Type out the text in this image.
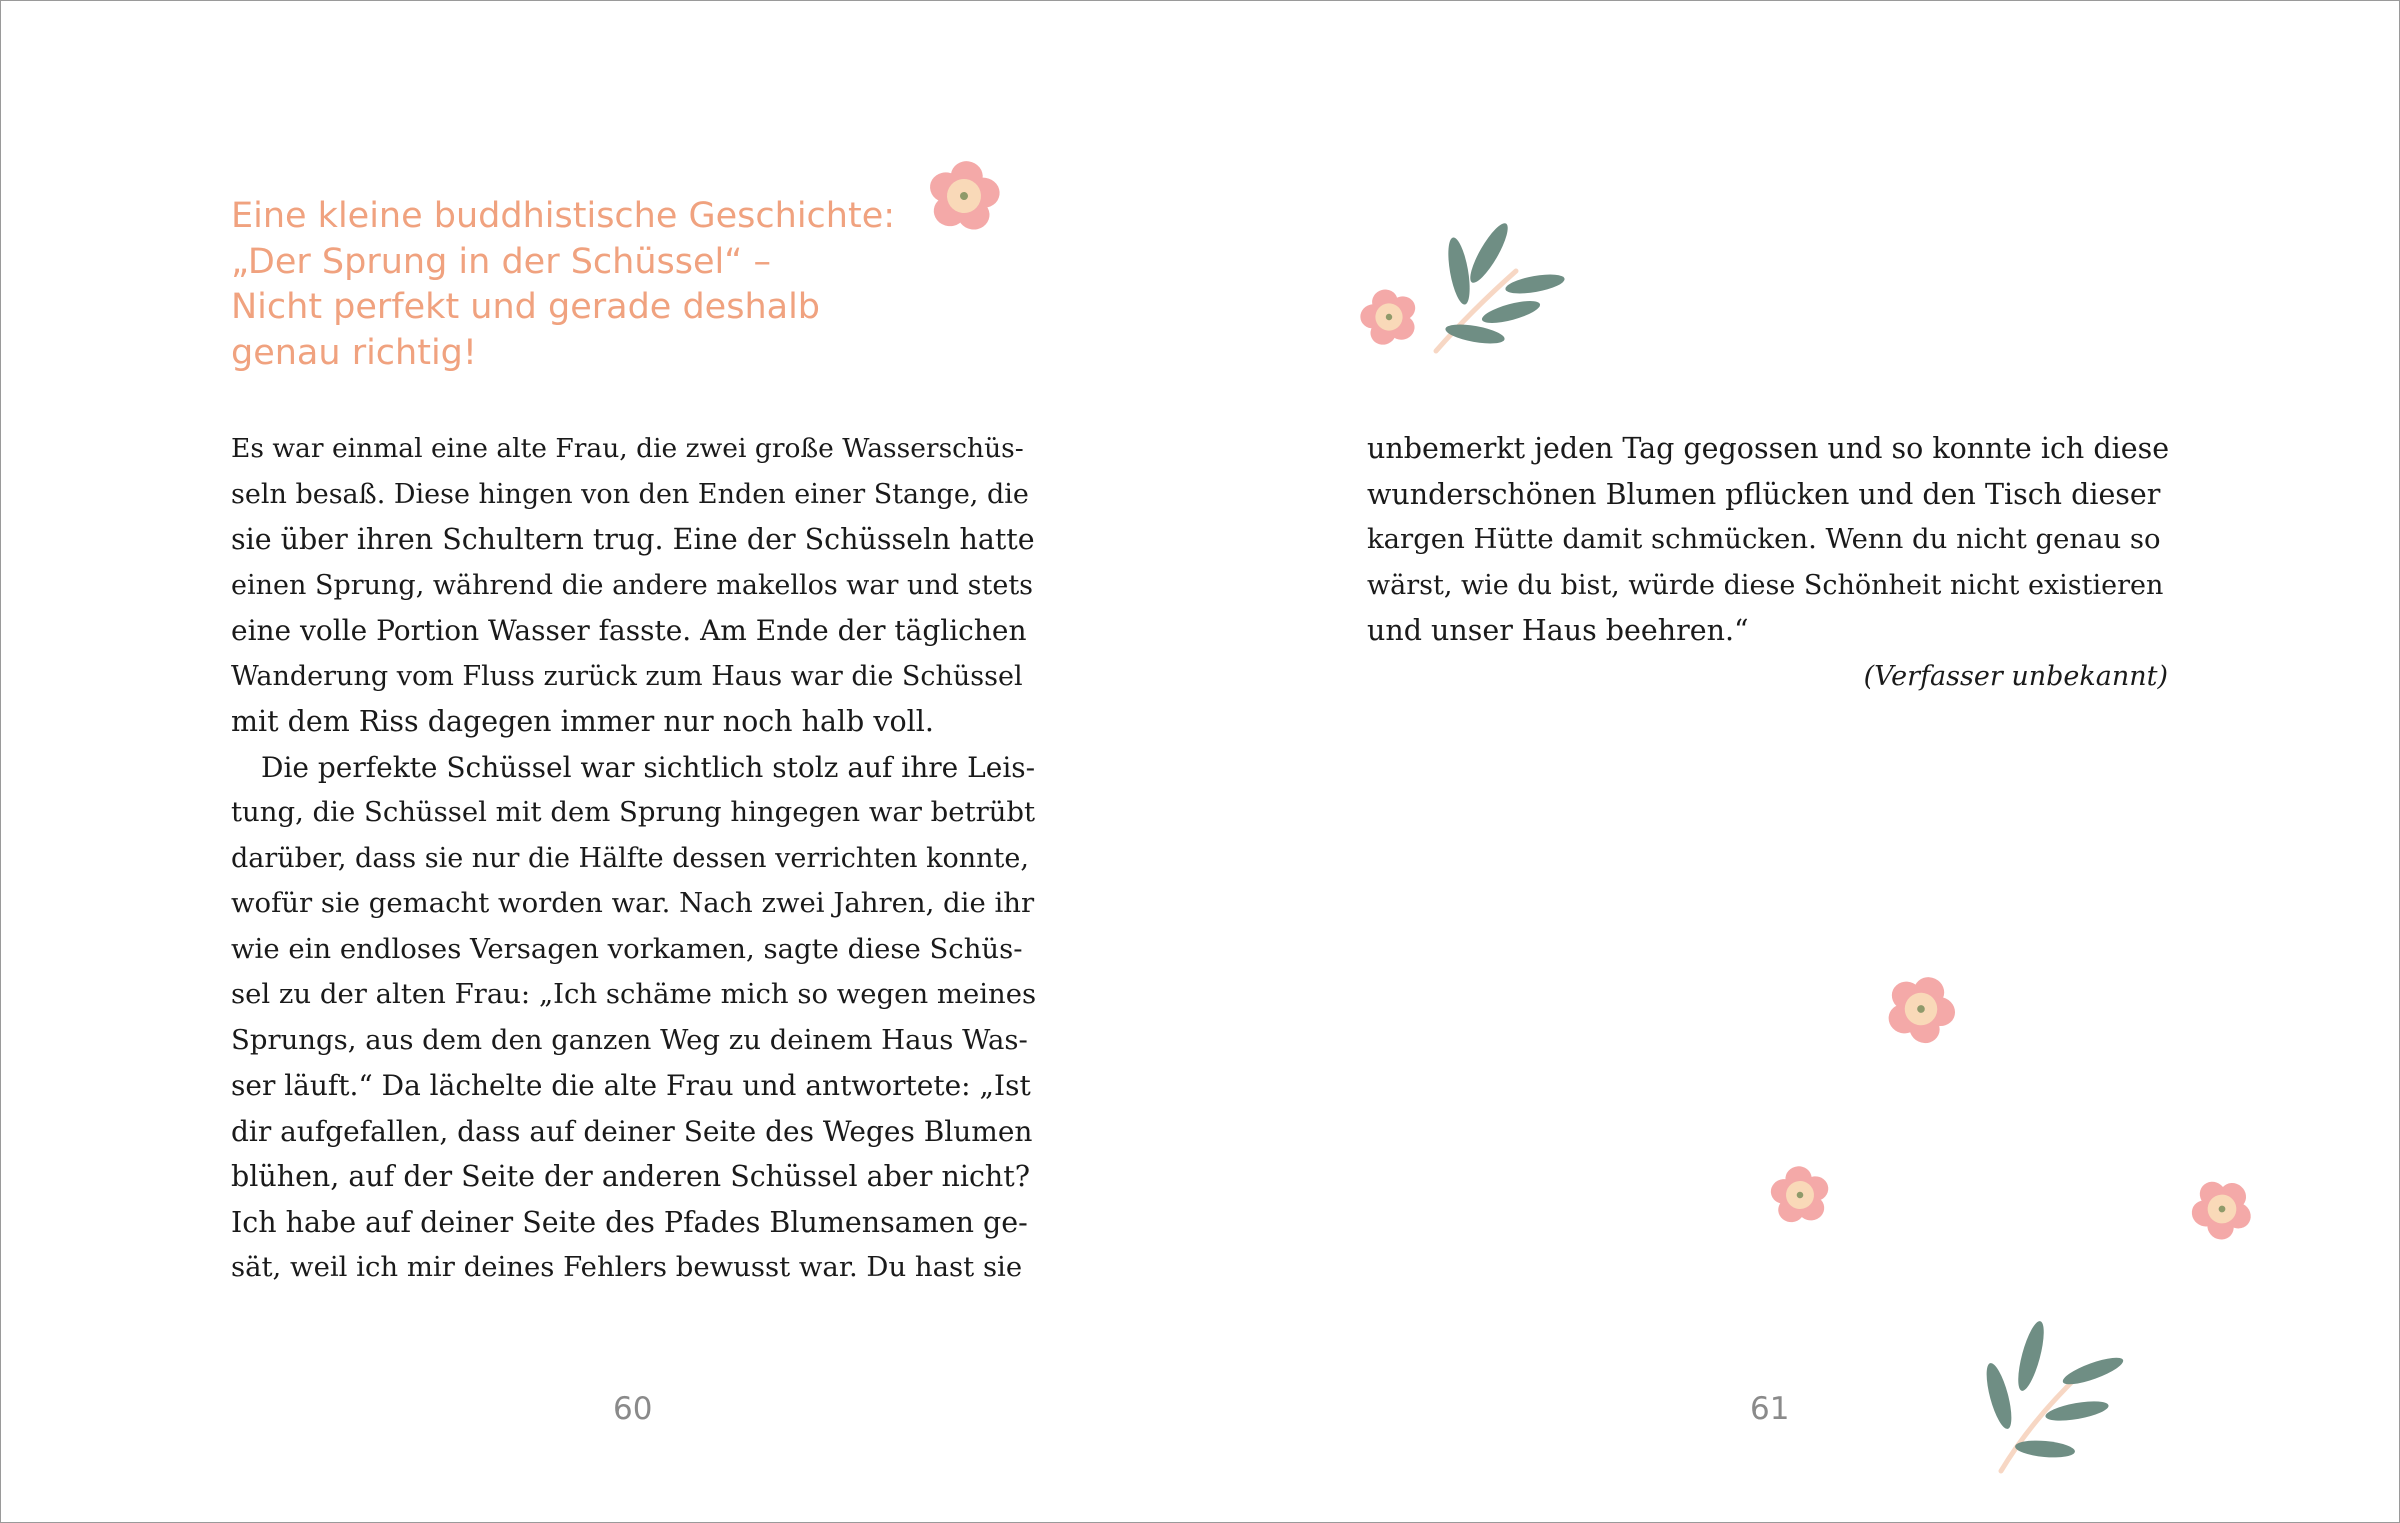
Eine kleine buddhistische Geschichte:
„Der Sprung in der Schüssel“ –
Nicht perfekt und gerade deshalb
genau richtig!
Es war einmal eine alte Frau, die zwei große Wasserschüs-
seln besaß. Diese hingen von den Enden einer Stange, die
sie über ihren Schultern trug. Eine der Schüsseln hatte
einen Sprung, während die andere makellos war und stets
eine volle Portion Wasser fasste. Am Ende der täglichen
Wanderung vom Fluss zurück zum Haus war die Schüssel
mit dem Riss dagegen immer nur noch halb voll.
Die perfekte Schüssel war sichtlich stolz auf ihre Leis-
tung, die Schüssel mit dem Sprung hingegen war betrübt
darüber, dass sie nur die Hälfte dessen verrichten konnte,
wofür sie gemacht worden war. Nach zwei Jahren, die ihr
wie ein endloses Versagen vorkamen, sagte diese Schüs-
sel zu der alten Frau: „Ich schäme mich so wegen meines
Sprungs, aus dem den ganzen Weg zu deinem Haus Was-
ser läuft.“ Da lächelte die alte Frau und antwortete: „Ist
dir aufgefallen, dass auf deiner Seite des Weges Blumen
blühen, auf der Seite der anderen Schüssel aber nicht?
Ich habe auf deiner Seite des Pfades Blumensamen ge-
sät, weil ich mir deines Fehlers bewusst war. Du hast sie
60
unbemerkt jeden Tag gegossen und so konnte ich diese
wunderschönen Blumen pflücken und den Tisch dieser
kargen Hütte damit schmücken. Wenn du nicht genau so
wärst, wie du bist, würde diese Schönheit nicht existieren
und unser Haus beehren.“
(Verfasser unbekannt)
61
